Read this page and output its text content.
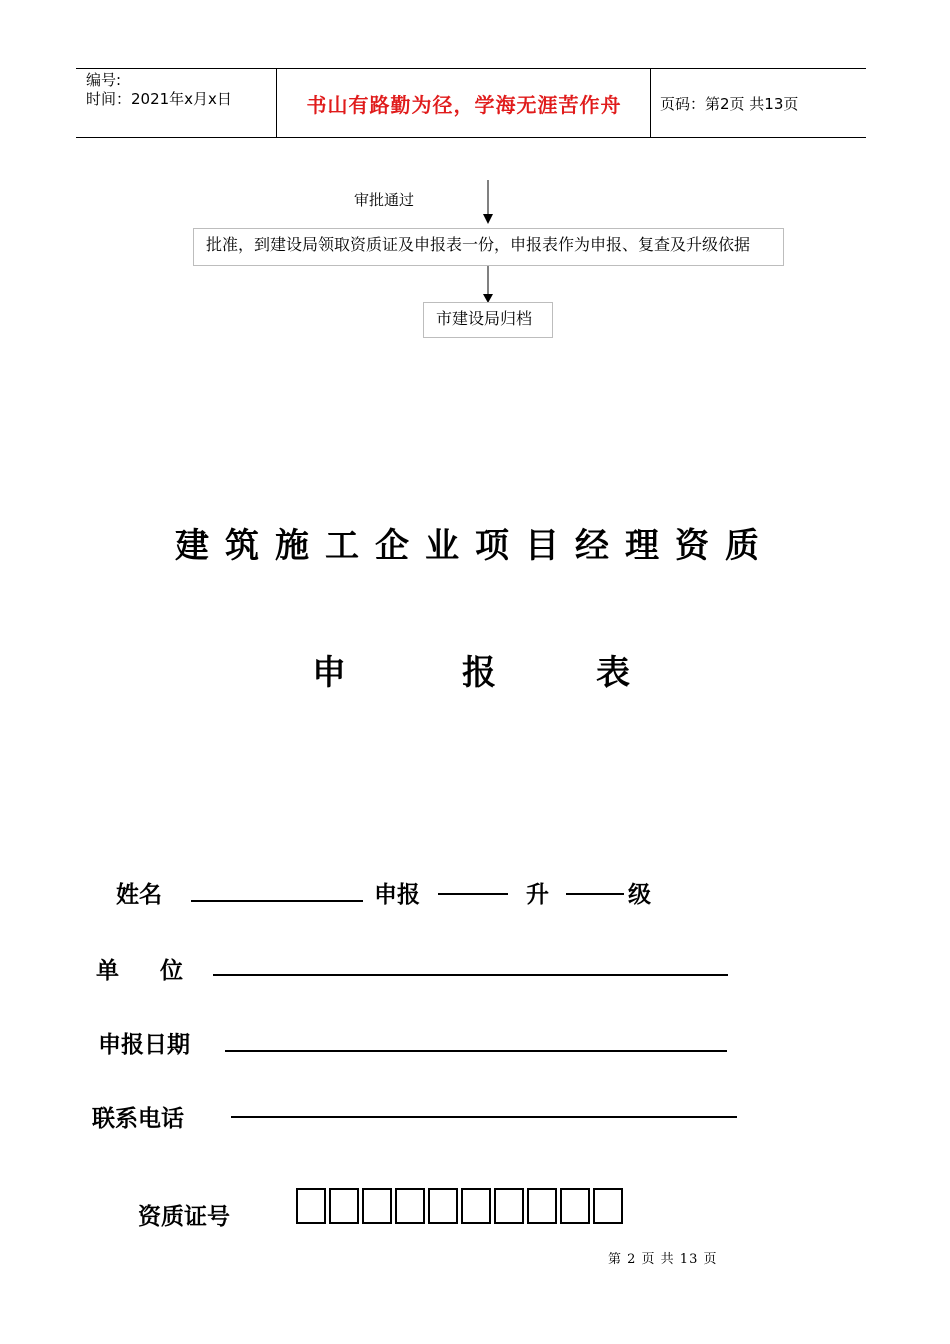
编号:
时间：2021年x月x日	书山有路勤为径，学海无涯苦作舟	页码：第2页 共13页
审批通过
批准，到建设局领取资质证及申报表一份，申报表作为申报、复查及升级依据
市建设局归档
建筑施工企业项目经理资质
申	报	表
姓名	申报	升	级
单 位
申报日期
联系电话
资质证号
第 2 页 共 13 页
